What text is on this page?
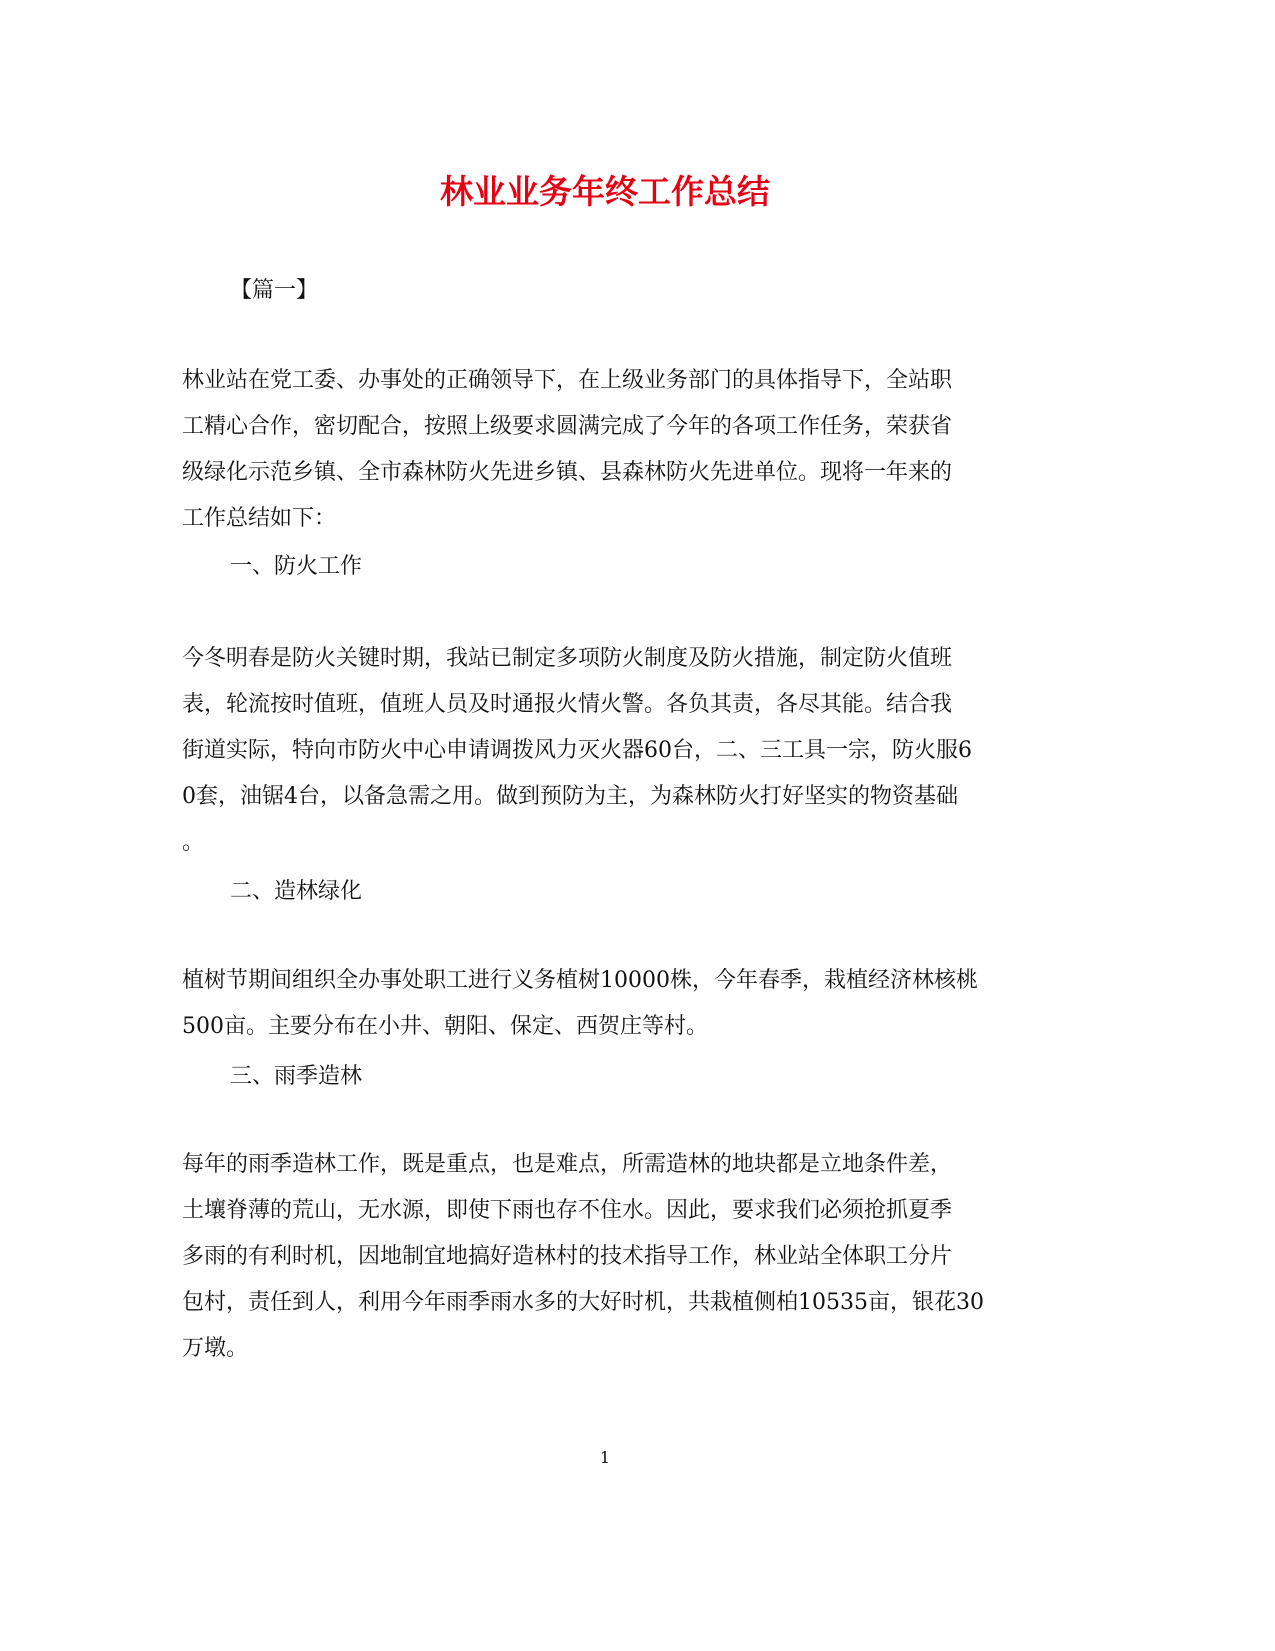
林业业务年终工作总结
【篇一】
林业站在党工委、办事处的正确领导下，在上级业务部门的具体指导下，全站职
工精心合作，密切配合，按照上级要求圆满完成了今年的各项工作任务，荣获省
级绿化示范乡镇、全市森林防火先进乡镇、县森林防火先进单位。现将一年来的
工作总结如下：
一、防火工作
今冬明春是防火关键时期，我站已制定多项防火制度及防火措施，制定防火值班
表，轮流按时值班，值班人员及时通报火情火警。各负其责，各尽其能。结合我
街道实际，特向市防火中心申请调拨风力灭火器60台，二、三工具一宗，防火服6
0套，油锯4台，以备急需之用。做到预防为主，为森林防火打好坚实的物资基础
。
二、造林绿化
植树节期间组织全办事处职工进行义务植树10000株，今年春季，栽植经济林核桃
500亩。主要分布在小井、朝阳、保定、西贺庄等村。
三、雨季造林
每年的雨季造林工作，既是重点，也是难点，所需造林的地块都是立地条件差，
土壤脊薄的荒山，无水源，即使下雨也存不住水。因此，要求我们必须抢抓夏季
多雨的有利时机，因地制宜地搞好造林村的技术指导工作，林业站全体职工分片
包村，责任到人，利用今年雨季雨水多的大好时机，共栽植侧柏10535亩，银花30
万墩。
1
